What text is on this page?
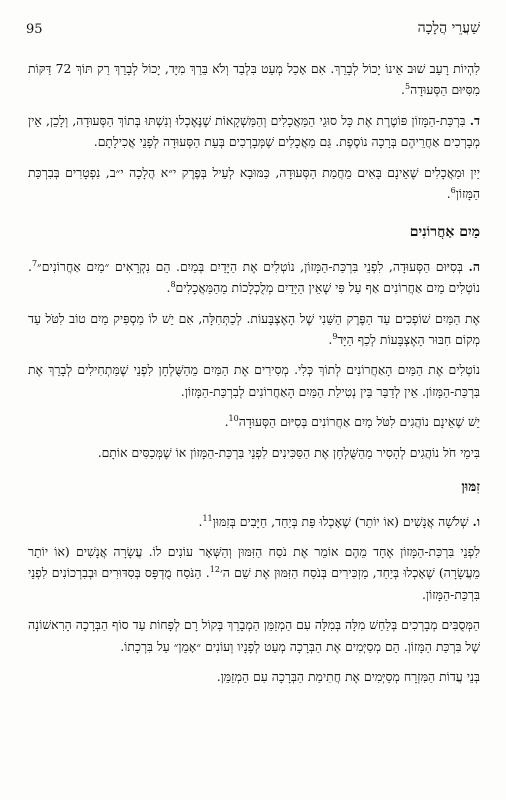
95	שַׁעֲרֵי הֲלָכָה

לִהְיוֹת רָעֵב שׁוּב אֵינוֹ יָכוֹל לְבָרֵךְ. אִם אָכַל מְעַט בִּלְבַד וְלֹא בֵּרַךְ מִיָּד, יָכוֹל לְבָרֵךְ רַק תּוֹךְ 72 דַּקּוֹת מִסִּיּוּם הַסְּעוּדָה$^5$.

ד. בִּרְכַּת-הַמָּזוֹן פּוֹטֶרֶת אֶת כָּל סוּגֵי הַמַּאֲכָלִים וְהַמַּשְׁקָאוֹת שֶׁנֶּאֶכְלוּ וְנִשְׁתּוּ בְּתוֹךְ הַסְּעוּדָה, וְלָכֵן, אֵין מְבָרְכִים אַחֲרֵיהֶם בְּרָכָה נוֹסֶפֶת. גַּם מַאֲכָלִים שֶׁמְּבָרְכִים בְּעֵת הַסְּעוּדָה לְפָנֵי אֲכִילָתָם.

יַיִן וּמַאֲכָלִים שֶׁאֵינָם בָּאִים מֵחֲמַת הַסְּעוּדָה, כַּמּוּבָא לְעֵיל בְּפֶרֶק י״א הֲלָכָה י״ב, נִפְטָרִים בְּבִרְכַּת הַמָּזוֹן$^6$.

מַיִם אַחֲרוֹנִים

ה. בְּסִיּוּם הַסְּעוּדָה, לִפְנֵי בִּרְכַּת-הַמָּזוֹן, נוֹטְלִים אֶת הַיָּדַיִם בְּמַיִם. הֵם נִקְרָאִים ״מַיִם אַחֲרוֹנִים״$^7$. נוֹטְלִים מַיִם אַחֲרוֹנִים אַף עַל פִּי שֶׁאֵין הַיָּדַיִם מְלֻכְלָכוֹת מֵהַמַּאֲכָלִים$^8$.

אֶת הַמַּיִם שׁוֹפְכִים עַד הַפֶּרֶק הַשֵּׁנִי שֶׁל הָאֶצְבָּעוֹת. לְכַתְּחִלָּה, אִם יֵשׁ לוֹ מַסְפִּיק מַיִם טוֹב לִטֹּל עַד מְקוֹם חִבּוּר הָאֶצְבָּעוֹת לְכַף הַיָּד$^9$.

נוֹטְלִים אֶת הַמַּיִם הָאַחֲרוֹנִים לְתוֹךְ כְּלִי. מְסִירִים אֶת הַמַּיִם מֵהַשֻּׁלְחָן לִפְנֵי שֶׁמַּתְחִילִים לְבָרֵךְ אֶת בִּרְכַּת-הַמָּזוֹן. אֵין לְדַבֵּר בֵּין נְטִילַת הַמַּיִם הָאַחֲרוֹנִים לְבִרְכַּת-הַמָּזוֹן.

יֵשׁ שֶׁאֵינָם נוֹהֲגִים לִטֹּל מַיִם אַחֲרוֹנִים בְּסִיּוּם הַסְּעוּדָה$^{10}$.

בִּימֵי חֹל נוֹהֲגִים לְהָסִיר מֵהַשֻּׁלְחָן אֶת הַסַּכִּינִים לִפְנֵי בִּרְכַּת-הַמָּזוֹן אוֹ שֶׁמְּכַסִּים אוֹתָם.

זִמּוּן

ו. שְׁלֹשָׁה אֲנָשִׁים (אוֹ יוֹתֵר) שֶׁאָכְלוּ פַּת בְּיַחַד, חַיָּבִים בְּזִמּוּן$^{11}$.

לִפְנֵי בִּרְכַּת-הַמָּזוֹן אֶחָד מֵהֶם אוֹמֵר אֶת נֹסַח הַזִּמּוּן וְהַשְּׁאָר עוֹנִים לוֹ. עֲשָׂרָה אֲנָשִׁים (אוֹ יוֹתֵר מֵעֲשָׂרָה) שֶׁאָכְלוּ בְּיַחַד, מַזְכִּירִים בְּנֹסַח הַזִּמּוּן אֶת שֵׁם ה׳$^{12}$. הַנֹּסַח מֻדְפָּס בְּסִדּוּרִים וּבְבִרְכוֹנִים לִפְנֵי בִּרְכַּת-הַמָּזוֹן.

הַמְּסֻבִּים מְבָרְכִים בְּלַחַשׁ מִלָּה בְּמִלָּה עִם הַמְזַמֵּן הַמְבָרֵךְ בְּקוֹל רָם לְפָחוֹת עַד סוֹף הַבְּרָכָה הָרִאשׁוֹנָה שֶׁל בִּרְכַּת הַמָּזוֹן. הֵם מְסַיְּמִים אֶת הַבְּרָכָה מְעַט לְפָנָיו וְעוֹנִים ״אָמֵן״ עַל בִּרְכָתוֹ.

בְּנֵי עֲדוֹת הַמִּזְרָח מְסַיְּמִים אֶת חֲתִימַת הַבְּרָכָה עִם הַמְזַמֵּן.
